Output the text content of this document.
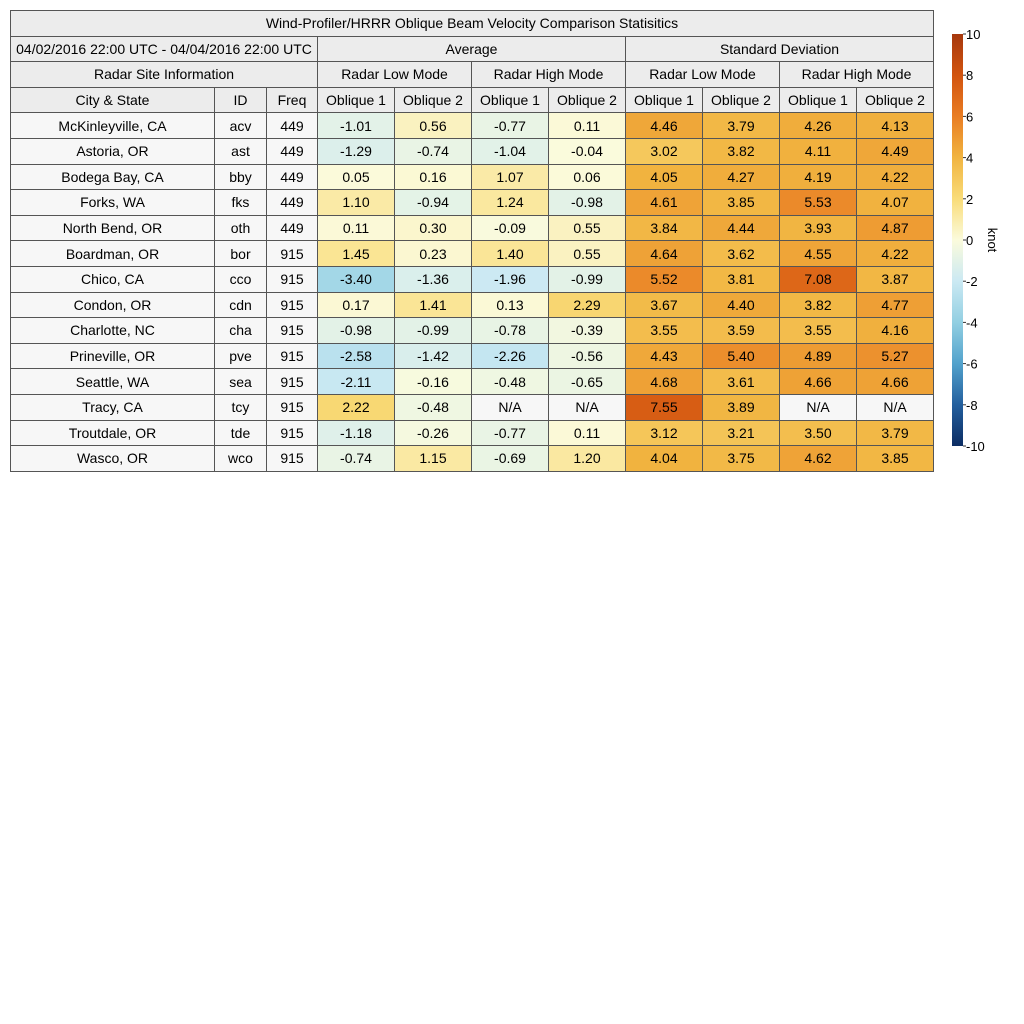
Wind-Profiler/HRRR Oblique Beam Velocity Comparison Statisitics										
04/02/2016 22:00 UTC - 04/04/2016 22:00 UTC			Average				Standard Deviation			
Radar Site Information			Radar Low Mode		Radar High Mode		Radar Low Mode		Radar High Mode	
City & State	ID	Freq	Oblique 1	Oblique 2	Oblique 1	Oblique 2	Oblique 1	Oblique 2	Oblique 1	Oblique 2
McKinleyville, CA	acv	449	-1.01	0.56	-0.77	0.11	4.46	3.79	4.26	4.13
Astoria, OR	ast	449	-1.29	-0.74	-1.04	-0.04	3.02	3.82	4.11	4.49
Bodega Bay, CA	bby	449	0.05	0.16	1.07	0.06	4.05	4.27	4.19	4.22
Forks, WA	fks	449	1.10	-0.94	1.24	-0.98	4.61	3.85	5.53	4.07
North Bend, OR	oth	449	0.11	0.30	-0.09	0.55	3.84	4.44	3.93	4.87
Boardman, OR	bor	915	1.45	0.23	1.40	0.55	4.64	3.62	4.55	4.22
Chico, CA	cco	915	-3.40	-1.36	-1.96	-0.99	5.52	3.81	7.08	3.87
Condon, OR	cdn	915	0.17	1.41	0.13	2.29	3.67	4.40	3.82	4.77
Charlotte, NC	cha	915	-0.98	-0.99	-0.78	-0.39	3.55	3.59	3.55	4.16
Prineville, OR	pve	915	-2.58	-1.42	-2.26	-0.56	4.43	5.40	4.89	5.27
Seattle, WA	sea	915	-2.11	-0.16	-0.48	-0.65	4.68	3.61	4.66	4.66
Tracy, CA	tcy	915	2.22	-0.48	N/A	N/A	7.55	3.89	N/A	N/A
Troutdale, OR	tde	915	-1.18	-0.26	-0.77	0.11	3.12	3.21	3.50	3.79
Wasco, OR	wco	915	-0.74	1.15	-0.69	1.20	4.04	3.75	4.62	3.85
10
8
6
4
2
0
-2
-4
-6
-8
-10
knot
